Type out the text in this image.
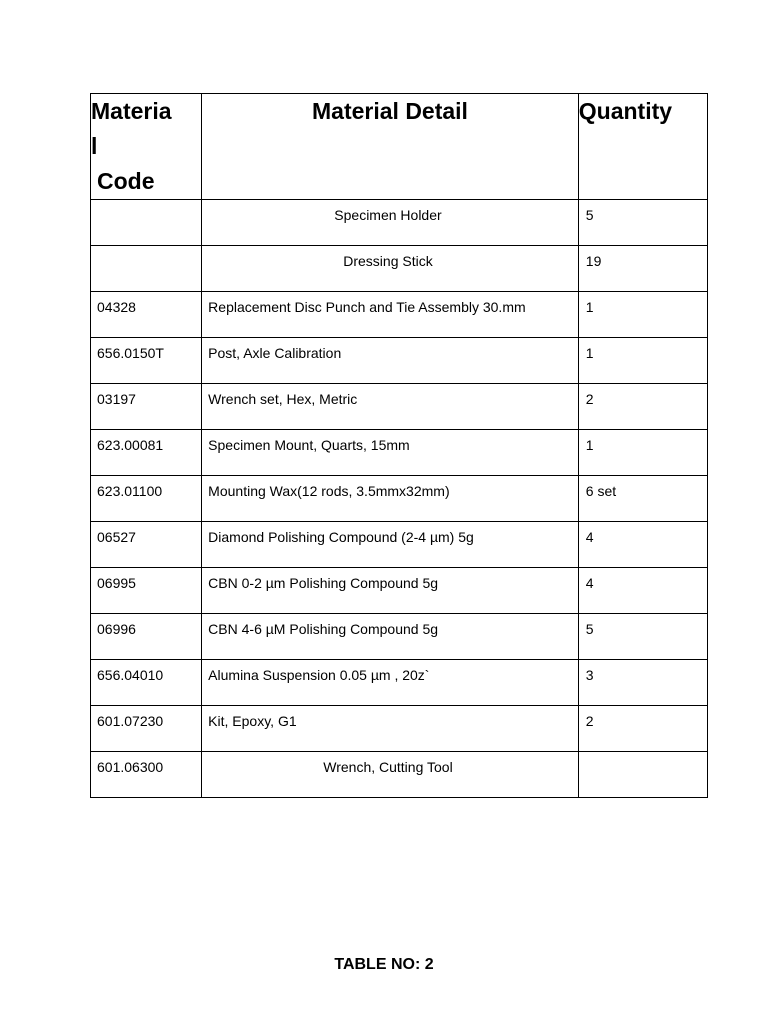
Materia
l
Code	Material Detail	Quantity
	Specimen Holder	5
	Dressing Stick	19
04328	Replacement Disc Punch and Tie Assembly 30.mm	1
656.0150T	Post, Axle Calibration	1
03197	Wrench set, Hex, Metric	2
623.00081	Specimen Mount, Quarts, 15mm	1
623.01100	Mounting Wax(12 rods, 3.5mmx32mm)	6 set
06527	Diamond Polishing Compound (2-4 µm) 5g	4
06995	CBN 0-2 µm Polishing Compound 5g	4
06996	CBN 4-6 µM Polishing Compound 5g	5
656.04010	Alumina Suspension 0.05 µm , 20z`	3
601.07230	Kit, Epoxy, G1	2
601.06300	Wrench, Cutting Tool	
TABLE NO: 2
